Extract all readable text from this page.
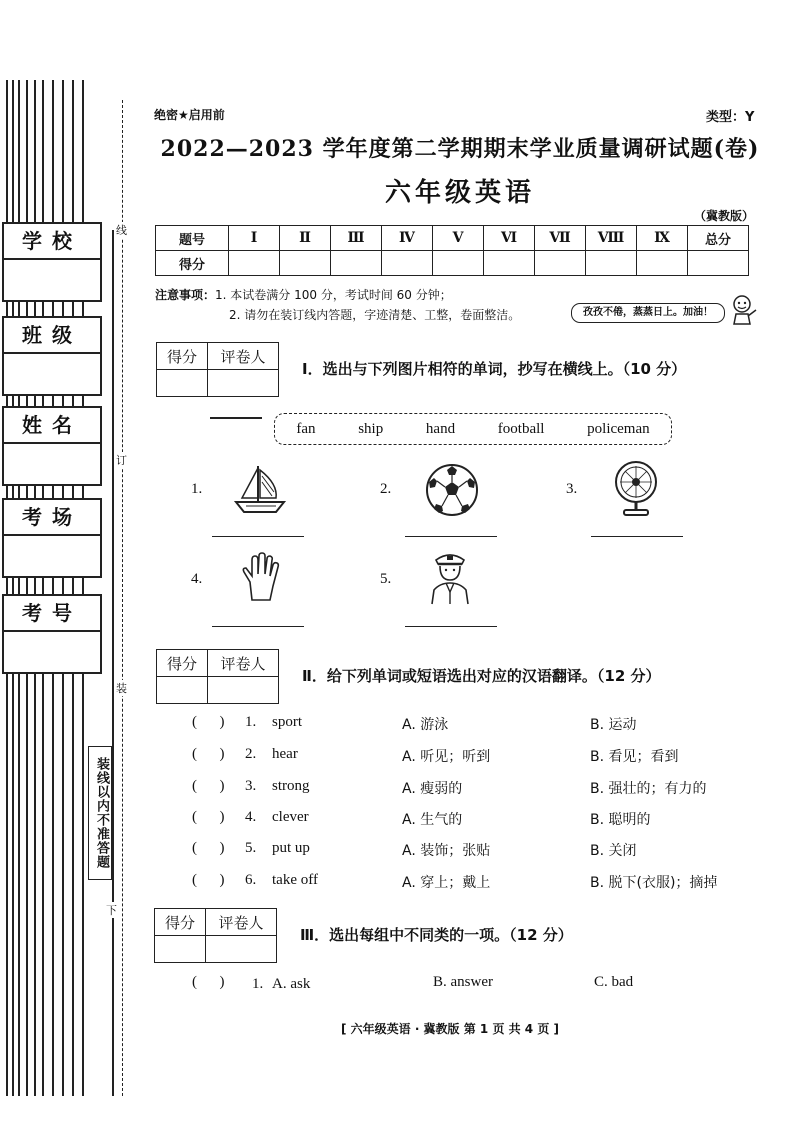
学校
班级
姓名
考场
考号
线
订
装
下
装线以内不准答题
绝密★启用前	类型：Y
2022—2023 学年度第二学期期末学业质量调研试题(卷)
六年级英语
（冀教版）
题号	Ⅰ	Ⅱ	Ⅲ	Ⅳ	Ⅴ	Ⅵ	Ⅶ	Ⅷ	Ⅸ	总分
得分										
注意事项：1. 本试卷满分 100 分，考试时间 60 分钟；
2. 请勿在装订线内答题，字迹清楚、工整，卷面整洁。	孜孜不倦，蒸蒸日上。加油！
得分	评卷人

Ⅰ．选出与下列图片相符的单词，抄写在横线上。（10 分）
fan	ship	hand	football	policeman
1.	2.	3.
4.	5.
得分	评卷人

Ⅱ．给下列单词或短语选出对应的汉语翻译。（12 分）
(      ) 1. sport	A. 游泳	B. 运动
(      ) 2. hear	A. 听见；听到	B. 看见；看到
(      ) 3. strong	A. 瘦弱的	B. 强壮的；有力的
(      ) 4. clever	A. 生气的	B. 聪明的
(      ) 5. put up	A. 装饰；张贴	B. 关闭
(      ) 6. take off	A. 穿上；戴上	B. 脱下(衣服)；摘掉
得分	评卷人

Ⅲ．选出每组中不同类的一项。（12 分）
(      ) 1. A. ask	B. answer	C. bad
[ 六年级英语 · 冀教版 第 1 页 共 4 页 ]
